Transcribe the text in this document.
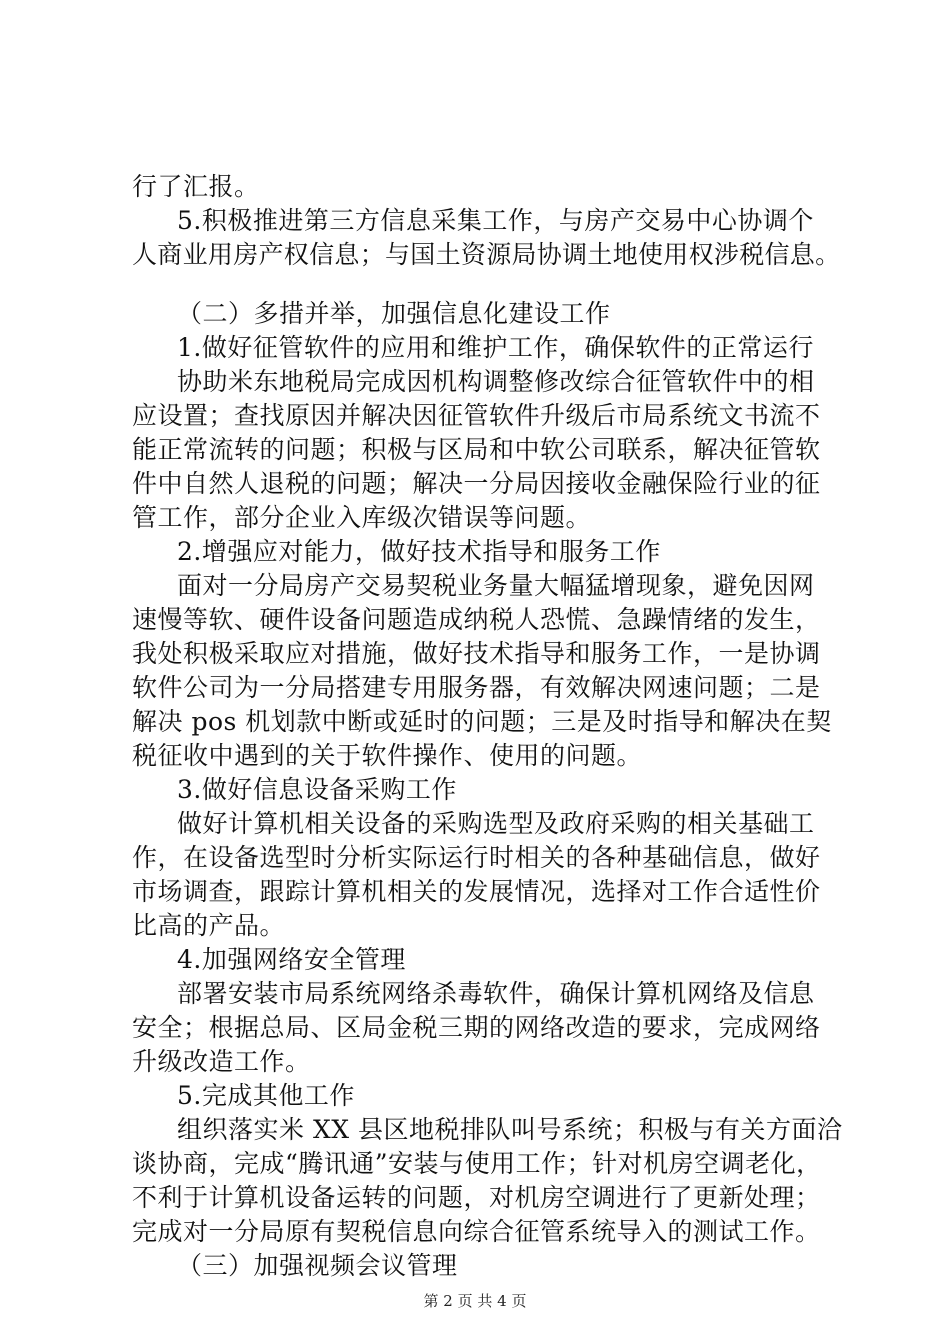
行了汇报。
5.积极推进第三方信息采集工作，与房产交易中心协调个
人商业用房产权信息；与国土资源局协调土地使用权涉税信息。
（二）多措并举，加强信息化建设工作
1.做好征管软件的应用和维护工作，确保软件的正常运行
协助米东地税局完成因机构调整修改综合征管软件中的相
应设置；查找原因并解决因征管软件升级后市局系统文书流不
能正常流转的问题；积极与区局和中软公司联系，解决征管软
件中自然人退税的问题；解决一分局因接收金融保险行业的征
管工作，部分企业入库级次错误等问题。
2.增强应对能力，做好技术指导和服务工作
面对一分局房产交易契税业务量大幅猛增现象，避免因网
速慢等软、硬件设备问题造成纳税人恐慌、急躁情绪的发生，
我处积极采取应对措施，做好技术指导和服务工作，一是协调
软件公司为一分局搭建专用服务器，有效解决网速问题；二是
解决 pos 机划款中断或延时的问题；三是及时指导和解决在契
税征收中遇到的关于软件操作、使用的问题。
3.做好信息设备采购工作
做好计算机相关设备的采购选型及政府采购的相关基础工
作，在设备选型时分析实际运行时相关的各种基础信息，做好
市场调查，跟踪计算机相关的发展情况，选择对工作合适性价
比高的产品。
4.加强网络安全管理
部署安装市局系统网络杀毒软件，确保计算机网络及信息
安全；根据总局、区局金税三期的网络改造的要求，完成网络
升级改造工作。
5.完成其他工作
组织落实米 XX 县区地税排队叫号系统；积极与有关方面洽
谈协商，完成“腾讯通”安装与使用工作；针对机房空调老化，
不利于计算机设备运转的问题，对机房空调进行了更新处理；
完成对一分局原有契税信息向综合征管系统导入的测试工作。
（三）加强视频会议管理
第 2 页 共 4 页
